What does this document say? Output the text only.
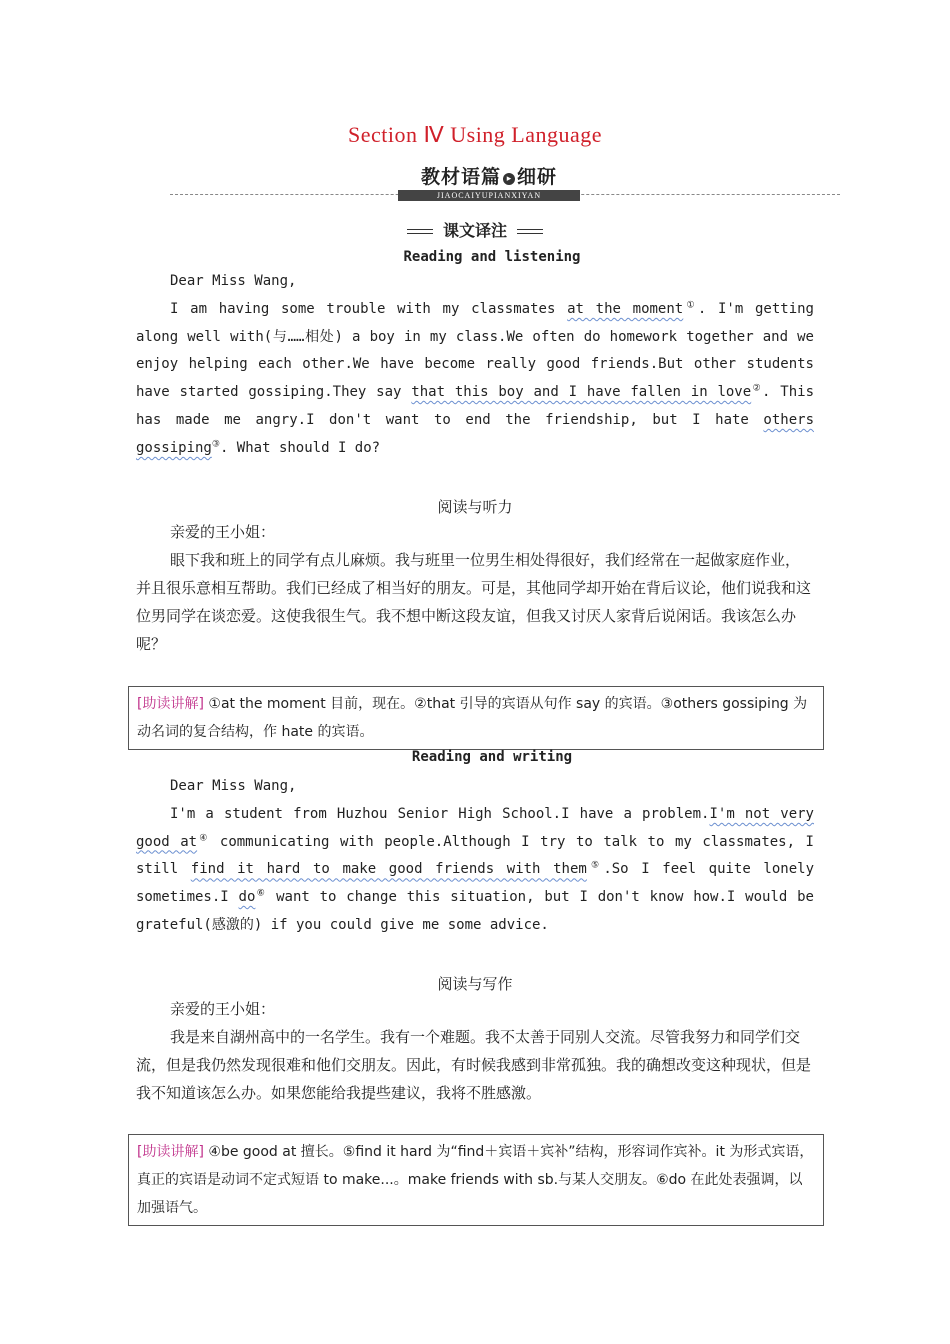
Section Ⅳ Using Language
教材语篇 ▸ 细研
JIAOCAIYUPIANXIYAN
课文译注
Reading and listening

Dear Miss Wang,

I am having some trouble with my classmates at the moment①. I'm getting along well with(与……相处) a boy in my class.We often do homework together and we enjoy helping each other.We have become really good friends.But other students have started gossiping.They say that this boy and I have fallen in love②. This has made me angry.I don't want to end the friendship, but I hate others gossiping③. What should I do?

阅读与听力

亲爱的王小姐：

眼下我和班上的同学有点儿麻烦。我与班里一位男生相处得很好，我们经常在一起做家庭作业，并且很乐意相互帮助。我们已经成了相当好的朋友。可是，其他同学却开始在背后议论，他们说我和这位男同学在谈恋爱。这使我很生气。我不想中断这段友谊，但我又讨厌人家背后说闲话。我该怎么办呢？

[助读讲解] ①at the moment 目前，现在。②that 引导的宾语从句作 say 的宾语。③others gossiping 为动名词的复合结构，作 hate 的宾语。
Reading and writing

Dear Miss Wang,

I'm a student from Huzhou Senior High School.I have a problem.I'm not very good at④ communicating with people.Although I try to talk to my classmates, I still find it hard to make good friends with them⑤.So I feel quite lonely sometimes.I do⑥ want to change this situation, but I don't know how.I would be grateful(感激的) if you could give me some advice.

阅读与写作

亲爱的王小姐：

我是来自湖州高中的一名学生。我有一个难题。我不太善于同别人交流。尽管我努力和同学们交流，但是我仍然发现很难和他们交朋友。因此，有时候我感到非常孤独。我的确想改变这种现状，但是我不知道该怎么办。如果您能给我提些建议，我将不胜感激。

[助读讲解] ④be good at 擅长。⑤find it hard 为“find＋宾语＋宾补”结构，形容词作宾补。it 为形式宾语，真正的宾语是动词不定式短语 to make...。make friends with sb.与某人交朋友。⑥do 在此处表强调，以加强语气。
